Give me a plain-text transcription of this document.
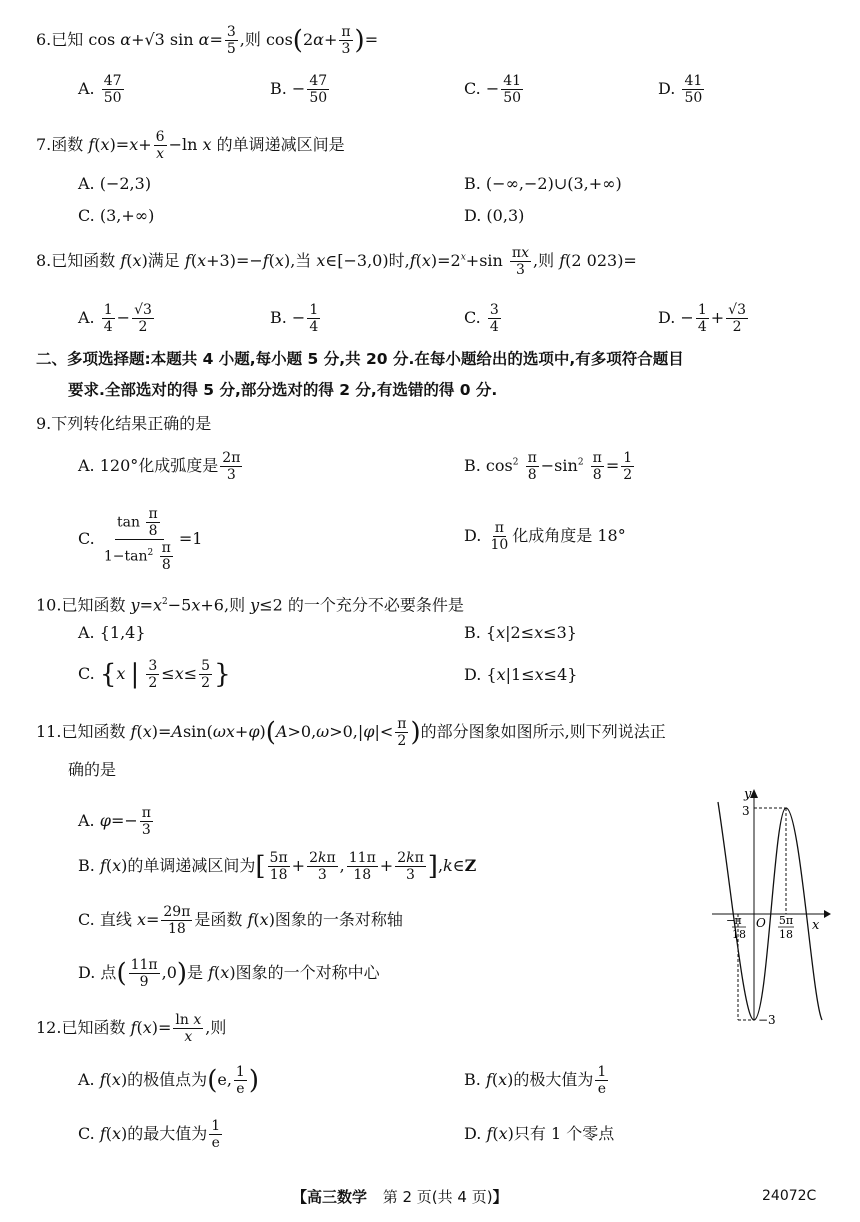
6.已知 cos α+√3 $\sin \alpha= \frac{3}{5}$ ,则 $\cos(2\alpha+ \frac{\pi}{3}$ )=
A. $\frac{47}{50}$	B. − $\frac{47}{50}$	C. − $\frac{41}{50}$	D. $\frac{41}{50}$
7.函数 $f(x)=x+ \frac{6}{x} -\ln$ x 的单调递减区间是
A. (−2,3)	B. (−∞,−2)∪(3,+∞)
C. (3,+∞)	D. (0,3)
8.已知函数 f(x)满足 f(x+3)=−f(x),当 x∈[−3,0)时$,f(x)=2^x+\sin \frac{\pi x}{3}$ ,则 f(2 023)=
A. $\frac{1}{4} - \frac{√3}{2}$	B. − $\frac{1}{4}$	C. $\frac{3}{4}$	D. − $\frac{1}{4} + \frac{√3}{2}$
二、多项选择题:本题共 4 小题,每小题 5 分,共 20 分.在每小题给出的选项中,有多项符合题目
要求.全部选对的得 5 分,部分选对的得 2 分,有选错的得 0 分.
9.下列转化结果正确的是
A. 120°化成弧度是 $\frac{2\pi}{3}$	B. $\cos^2 \frac{\pi}{8} -\sin^2 \frac{\pi}{8} = \frac{1}{2}$
C. $\frac{\tan \frac{\pi}{8}}{1-\tan^2 \frac{\pi}{8}} =1$	D. $\frac{\pi}{10}$ 化成角度是 18°
10.已知函数 $y=x^2-5x+6$,则 y≤2 的一个充分不必要条件是
A. {1,4}	B. {x|2≤x≤3}
C. {x | $\frac{3}{2} \le x\le \frac{5}{2}$ }	D. {x|1≤x≤4}
11.已知函数 $f(x)=Asin(\omega x+\varphi)(A>0,\omega>0,|\varphi|< \frac{\pi}{2}$ )的部分图象如图所示,则下列说法正
确的是
A. $\varphi=- \frac{\pi}{3}$
B. f(x)的单调递减区间为[ $\frac{5\pi}{18} + \frac{2k\pi}{3}$ , $\frac{11\pi}{18} + \frac{2k\pi}{3}$ ],k∈Z
C. 直线 $x= \frac{29\pi}{18}$ 是函数 f(x)图象的一条对称轴
D. 点( $\frac{11\pi}{9} ,0$)是 f(x)图象的一个对称中心
y
x
O
3
−3
− π
18
5π
18
12.已知函数 $f(x)= \frac{\text{ln x}}{x}$ ,则
A. f(x)的极值点为(e, $\frac{1}{e}$ )	B. f(x)的极大值为 $\frac{1}{e}$
C. f(x)的最大值为 $\frac{1}{e}$	D. f(x)只有 1 个零点
【高三数学 第 2 页(共 4 页)】	24072C
